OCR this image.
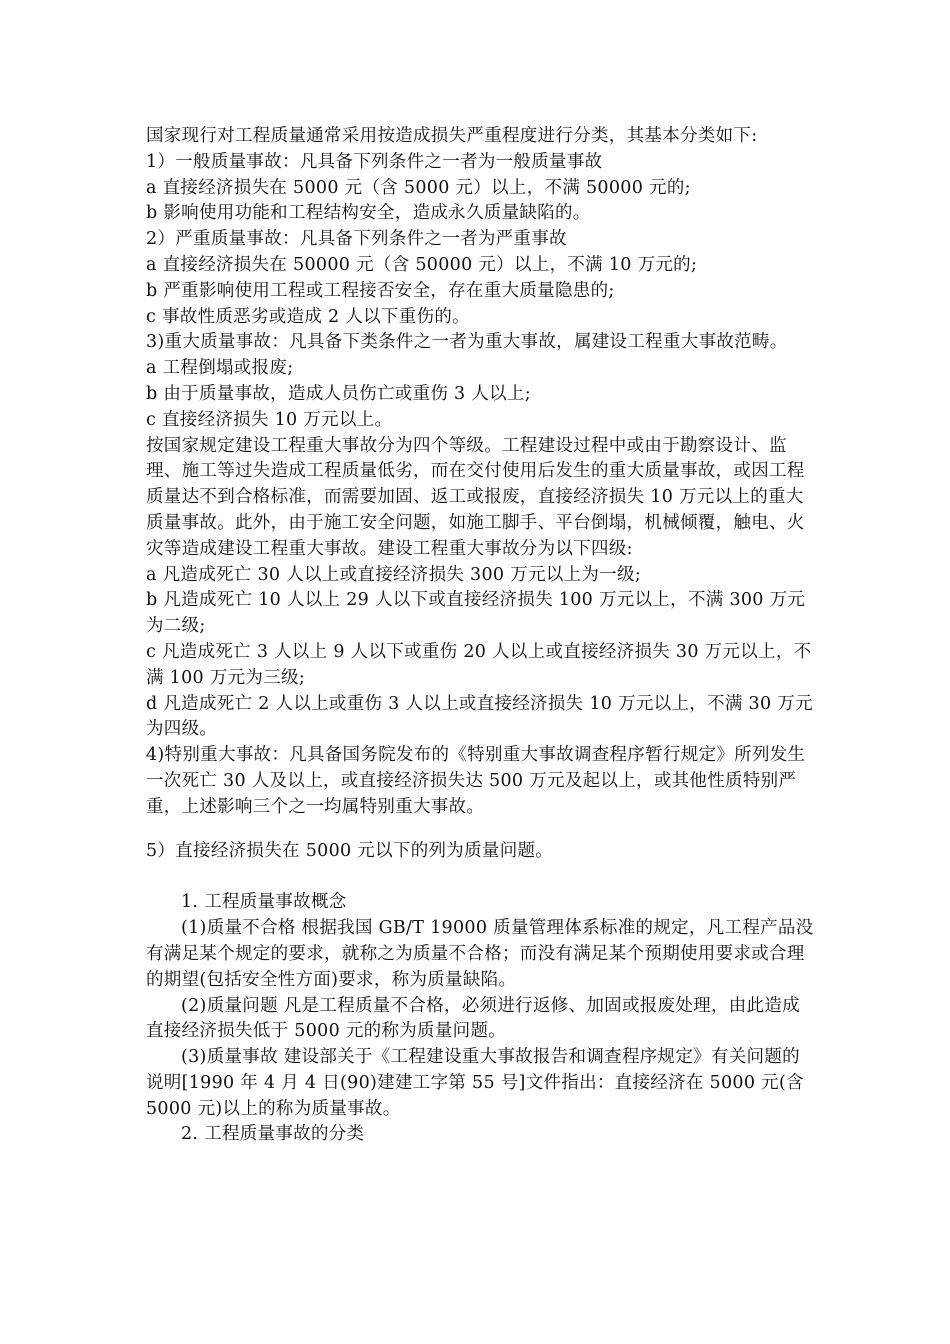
国家现行对工程质量通常采用按造成损失严重程度进行分类，其基本分类如下:

1）一般质量事故：凡具备下列条件之一者为一般质量事故

a 直接经济损失在 5000 元（含 5000 元）以上，不满 50000 元的;

b 影响使用功能和工程结构安全，造成永久质量缺陷的。

2）严重质量事故：凡具备下列条件之一者为严重事故

a 直接经济损失在 50000 元（含 50000 元）以上，不满 10 万元的;

b 严重影响使用工程或工程接否安全，存在重大质量隐患的;

c 事故性质恶劣或造成 2 人以下重伤的。

3)重大质量事故：凡具备下类条件之一者为重大事故，属建设工程重大事故范畴。

a 工程倒塌或报废;

b 由于质量事故，造成人员伤亡或重伤 3 人以上;

c 直接经济损失 10 万元以上。

按国家规定建设工程重大事故分为四个等级。工程建设过程中或由于勘察设计、监理、施工等过失造成工程质量低劣，而在交付使用后发生的重大质量事故，或因工程质量达不到合格标准，而需要加固、返工或报废，直接经济损失 10 万元以上的重大质量事故。此外，由于施工安全问题，如施工脚手、平台倒塌，机械倾覆，触电、火灾等造成建设工程重大事故。建设工程重大事故分为以下四级:

a 凡造成死亡 30 人以上或直接经济损失 300 万元以上为一级;

b 凡造成死亡 10 人以上 29 人以下或直接经济损失 100 万元以上，不满 300 万元为二级;

c 凡造成死亡 3 人以上 9 人以下或重伤 20 人以上或直接经济损失 30 万元以上，不满 100 万元为三级;

d 凡造成死亡 2 人以上或重伤 3 人以上或直接经济损失 10 万元以上，不满 30 万元为四级。

4)特别重大事故：凡具备国务院发布的《特别重大事故调查程序暂行规定》所列发生一次死亡 30 人及以上，或直接经济损失达 500 万元及起以上，或其他性质特别严重，上述影响三个之一均属特别重大事故。

5）直接经济损失在 5000 元以下的列为质量问题。

1. 工程质量事故概念

(1)质量不合格 根据我国 GB/T 19000 质量管理体系标准的规定，凡工程产品没有满足某个规定的要求，就称之为质量不合格；而没有满足某个预期使用要求或合理的期望(包括安全性方面)要求，称为质量缺陷。

(2)质量问题 凡是工程质量不合格，必须进行返修、加固或报废处理，由此造成直接经济损失低于 5000 元的称为质量问题。

(3)质量事故 建设部关于《工程建设重大事故报告和调查程序规定》有关问题的说明[1990 年 4 月 4 日(90)建建工字第 55 号]文件指出：直接经济在 5000 元(含 5000 元)以上的称为质量事故。

2. 工程质量事故的分类
